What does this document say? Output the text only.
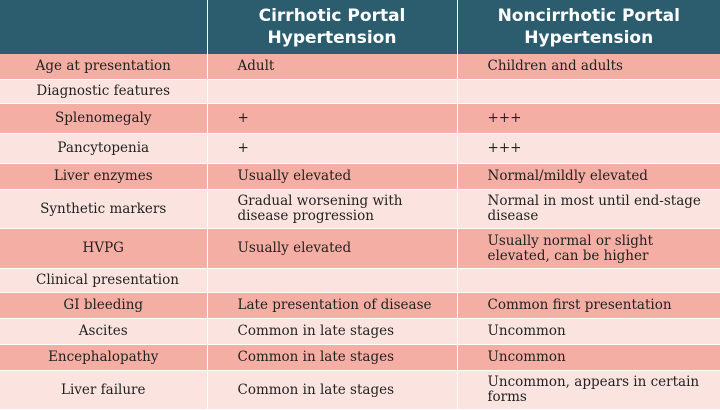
	Cirrhotic Portal Hypertension	Noncirrhotic Portal Hypertension
Age at presentation	Adult	Children and adults
Diagnostic features		
Splenomegaly	+	+++
Pancytopenia	+	+++
Liver enzymes	Usually elevated	Normal/mildly elevated
Synthetic markers	Gradual worsening with disease progression	Normal in most until end-stage disease
HVPG	Usually elevated	Usually normal or slight elevated, can be higher
Clinical presentation		
GI bleeding	Late presentation of disease	Common first presentation
Ascites	Common in late stages	Uncommon
Encephalopathy	Common in late stages	Uncommon
Liver failure	Common in late stages	Uncommon, appears in certain forms
